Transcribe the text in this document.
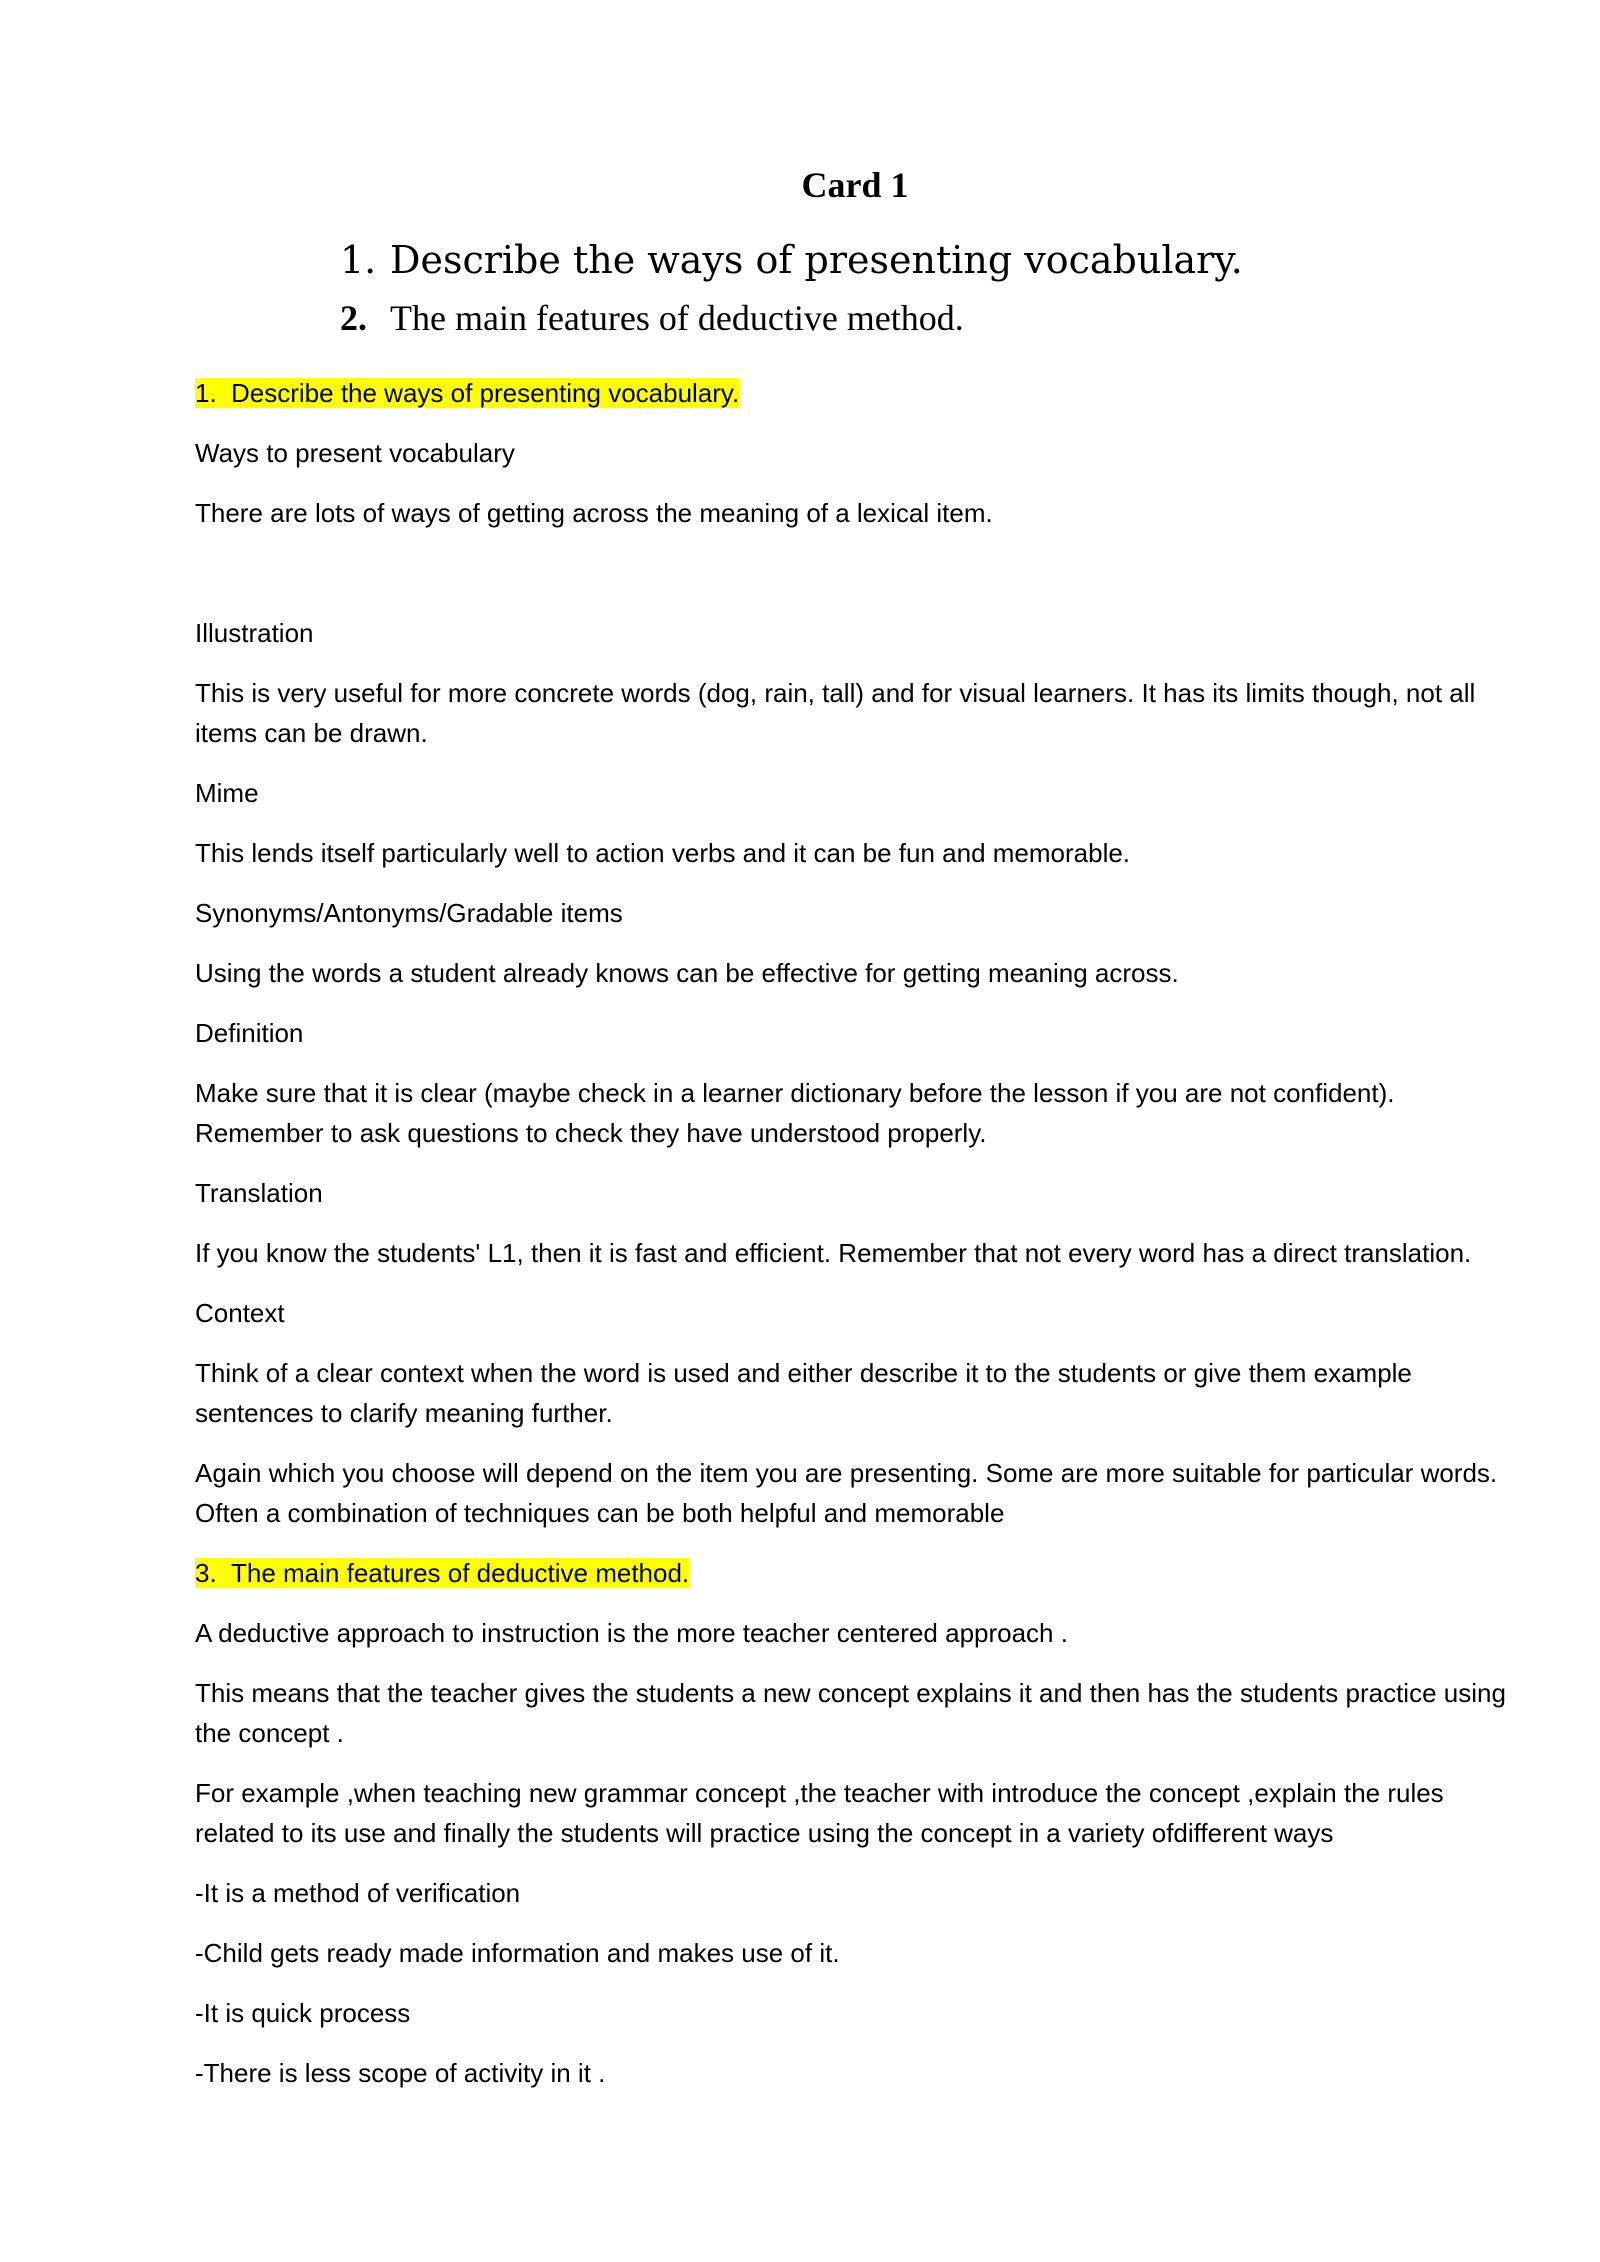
Card 1

1. Describe the ways of presenting vocabulary.

2. The main features of deductive method.

1. Describe the ways of presenting vocabulary.

Ways to present vocabulary

There are lots of ways of getting across the meaning of a lexical item.

Illustration

This is very useful for more concrete words (dog, rain, tall) and for visual learners. It has its limits though, not all items can be drawn.

Mime

This lends itself particularly well to action verbs and it can be fun and memorable.

Synonyms/Antonyms/Gradable items

Using the words a student already knows can be effective for getting meaning across.

Definition

Make sure that it is clear (maybe check in a learner dictionary before the lesson if you are not confident). Remember to ask questions to check they have understood properly.

Translation

If you know the students' L1, then it is fast and efficient. Remember that not every word has a direct translation.

Context

Think of a clear context when the word is used and either describe it to the students or give them example sentences to clarify meaning further.

Again which you choose will depend on the item you are presenting. Some are more suitable for particular words. Often a combination of techniques can be both helpful and memorable

3. The main features of deductive method.

A deductive approach to instruction is the more teacher centered approach .

This means that the teacher gives the students a new concept explains it and then has the students practice using the concept .

For example ,when teaching new grammar concept ,the teacher with introduce the concept ,explain the rules related to its use and finally the students will practice using the concept in a variety ofdifferent ways

-It is a method of verification

-Child gets ready made information and makes use of it.

-It is quick process

-There is less scope of activity in it .
